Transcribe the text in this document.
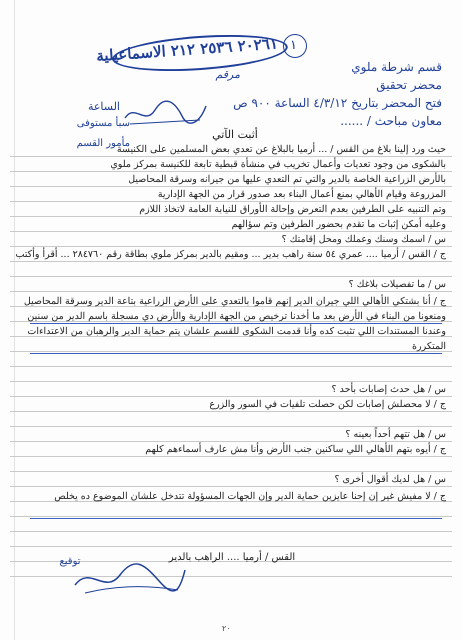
٢٠٢٦١ ٢٥٣٦ ٢١٢ الاسماعيلية ١
مرقم
قسم شرطة ملوي
محضر تحقيق
فتح المحضر بتاريخ ٤/٣/١٢ الساعة ٩٠٠ ص
معاون مباحث / ......
الساعة
سبأ مستوفى
مأمور القسم
أثبت الآتي
حيث ورد إلينا بلاغ من القس / ... أرميا بالبلاغ عن تعدي بعض المسلمين على الكنيسة
بالشكوى من وجود تعديات وأعمال تخريب في منشأة قبطية تابعة للكنيسة بمركز ملوي
بالأرض الزراعية الخاصة بالدير والتي تم التعدي عليها من جيرانه وسرقة المحاصيل
المزروعة وقيام الأهالي بمنع أعمال البناء بعد صدور قرار من الجهة الإدارية
وتم التنبيه على الطرفين بعدم التعرض وإحالة الأوراق للنيابة العامة لاتخاذ اللازم
وعليه أمكن إثبات ما تقدم بحضور الطرفين وتم سؤالهم
س / اسمك وسنك وعملك ومحل إقامتك ؟
ج / القس / أرميا .... عمري ٥٤ سنة راهب بدير ... ومقيم بالدير بمركز ملوي بطاقة رقم ٢٨٤٧٦٠ ... أقرأ وأكتب
س / ما تفصيلات بلاغك ؟
ج / أنا بشتكي الأهالي اللي جيران الدير إنهم قاموا بالتعدي على الأرض الزراعية بتاعة الدير وسرقة المحاصيل ومنعونا من البناء في الأرض بعد ما أخدنا ترخيص من الجهة الإدارية والأرض دي مسجلة باسم الدير من سنين وعندنا المستندات اللي تثبت كده وأنا قدمت الشكوى للقسم علشان يتم حماية الدير والرهبان من الاعتداءات المتكررة
س / هل حدث إصابات بأحد ؟
ج / لا محصلش إصابات لكن حصلت تلفيات في السور والزرع
س / هل تتهم أحداً بعينه ؟
ج / أيوه بتهم الأهالي اللي ساكنين جنب الأرض وأنا مش عارف أسماءهم كلهم
س / هل لديك أقوال أخرى ؟
ج / لا مفيش غير إن إحنا عايزين حماية الدير وإن الجهات المسؤولة تتدخل علشان الموضوع ده يخلص
القس / أرميا .... الراهب بالدير
توقيع
٢٠
